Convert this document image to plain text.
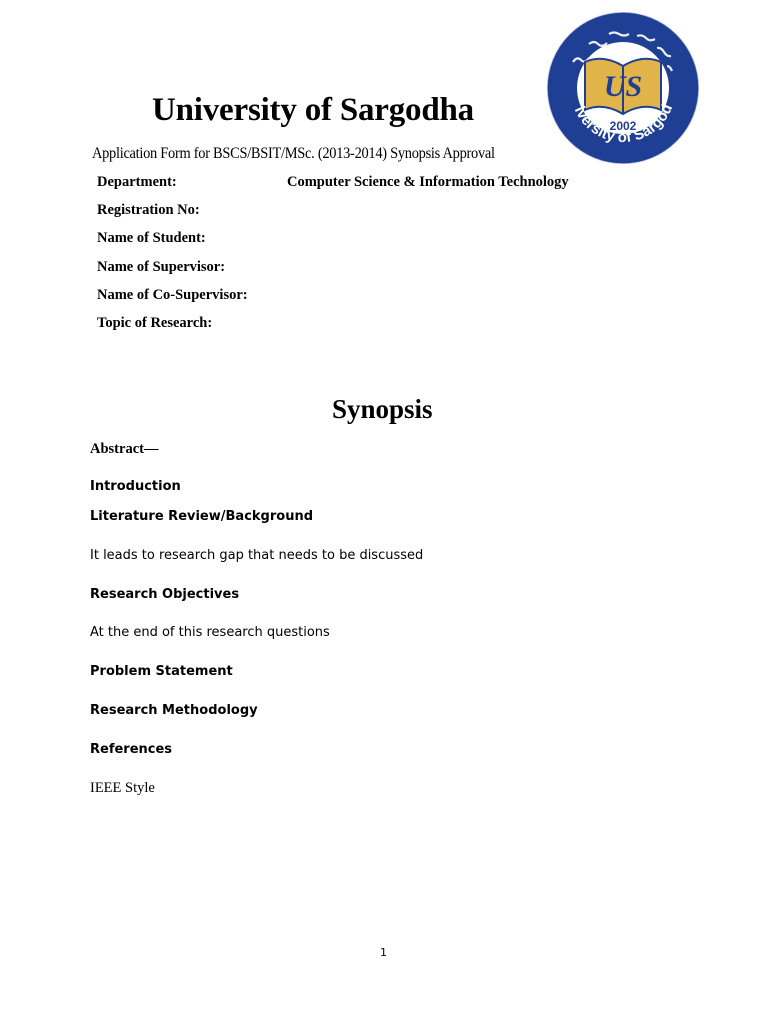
University of Sargodha
Application Form for BSCS/BSIT/MSc. (2013-2014) Synopsis Approval
US
2002
iversity of Sargod
Department:	Computer Science & Information Technology
Registration No:
Name of Student:
Name of Supervisor:
Name of Co-Supervisor:
Topic of Research:
Synopsis
Abstract—
Introduction
Literature Review/Background
It leads to research gap that needs to be discussed
Research Objectives
At the end of this research questions
Problem Statement
Research Methodology
References
IEEE Style
1
